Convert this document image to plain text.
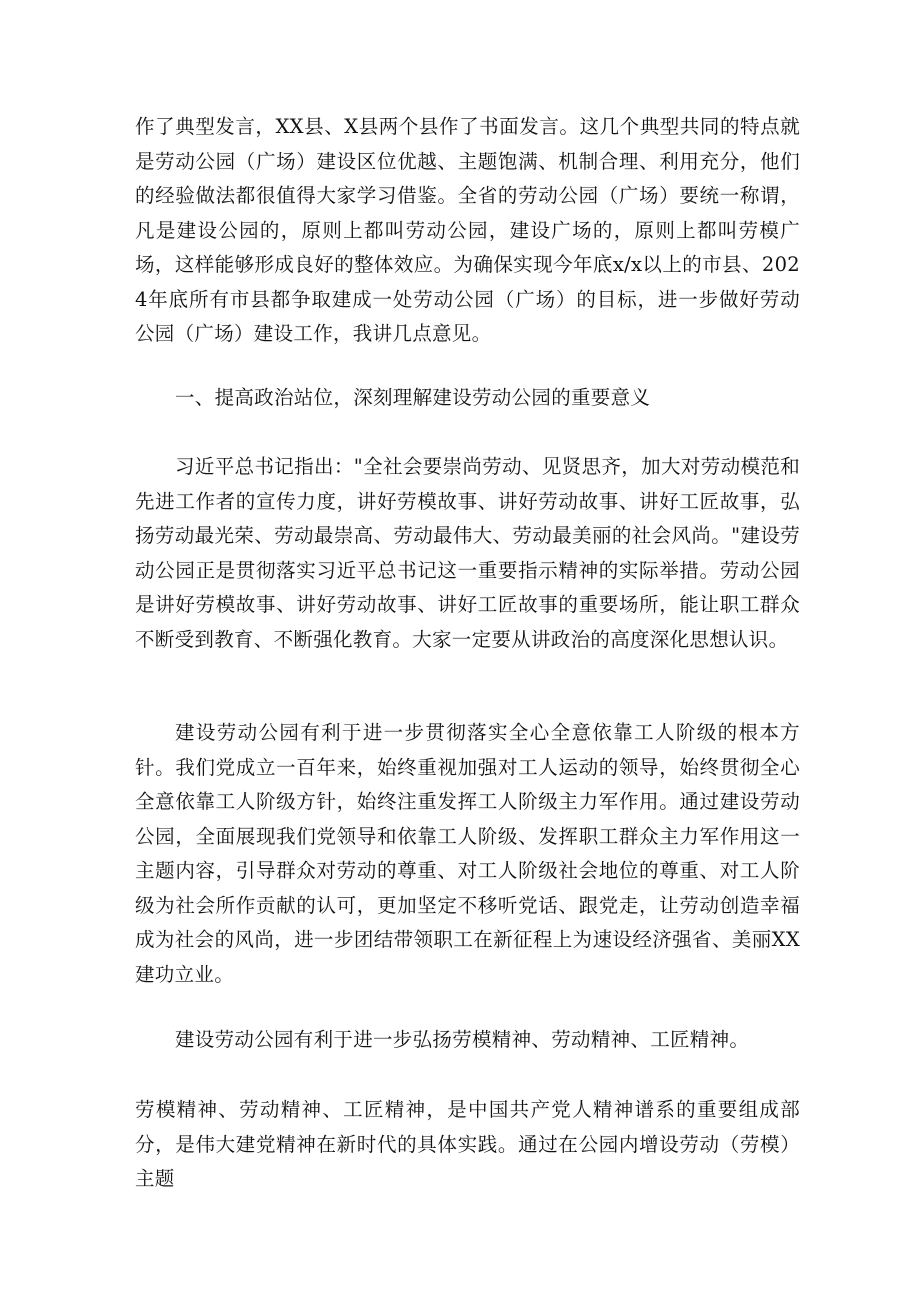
作了典型发言，XX县、X县两个县作了书面发言。这几个典型共同的特点就是劳动公园（广场）建设区位优越、主题饱满、机制合理、利用充分，他们的经验做法都很值得大家学习借鉴。全省的劳动公园（广场）要统一称谓，凡是建设公园的，原则上都叫劳动公园，建设广场的，原则上都叫劳模广场，这样能够形成良好的整体效应。为确保实现今年底x/x以上的市县、2024年底所有市县都争取建成一处劳动公园（广场）的目标，进一步做好劳动公园（广场）建设工作，我讲几点意见。

一、提高政治站位，深刻理解建设劳动公园的重要意义

习近平总书记指出："全社会要崇尚劳动、见贤思齐，加大对劳动模范和先进工作者的宣传力度，讲好劳模故事、讲好劳动故事、讲好工匠故事，弘扬劳动最光荣、劳动最崇高、劳动最伟大、劳动最美丽的社会风尚。"建设劳动公园正是贯彻落实习近平总书记这一重要指示精神的实际举措。劳动公园是讲好劳模故事、讲好劳动故事、讲好工匠故事的重要场所，能让职工群众不断受到教育、不断强化教育。大家一定要从讲政治的高度深化思想认识。

建设劳动公园有利于进一步贯彻落实全心全意依靠工人阶级的根本方针。我们党成立一百年来，始终重视加强对工人运动的领导，始终贯彻全心全意依靠工人阶级方针，始终注重发挥工人阶级主力军作用。通过建设劳动公园，全面展现我们党领导和依靠工人阶级、发挥职工群众主力军作用这一主题内容，引导群众对劳动的尊重、对工人阶级社会地位的尊重、对工人阶级为社会所作贡献的认可，更加坚定不移听党话、跟党走，让劳动创造幸福成为社会的风尚，进一步团结带领职工在新征程上为速设经济强省、美丽XX建功立业。

建设劳动公园有利于进一步弘扬劳模精神、劳动精神、工匠精神。

劳模精神、劳动精神、工匠精神，是中国共产党人精神谱系的重要组成部分，是伟大建党精神在新时代的具体实践。通过在公园内增设劳动（劳模）主题
